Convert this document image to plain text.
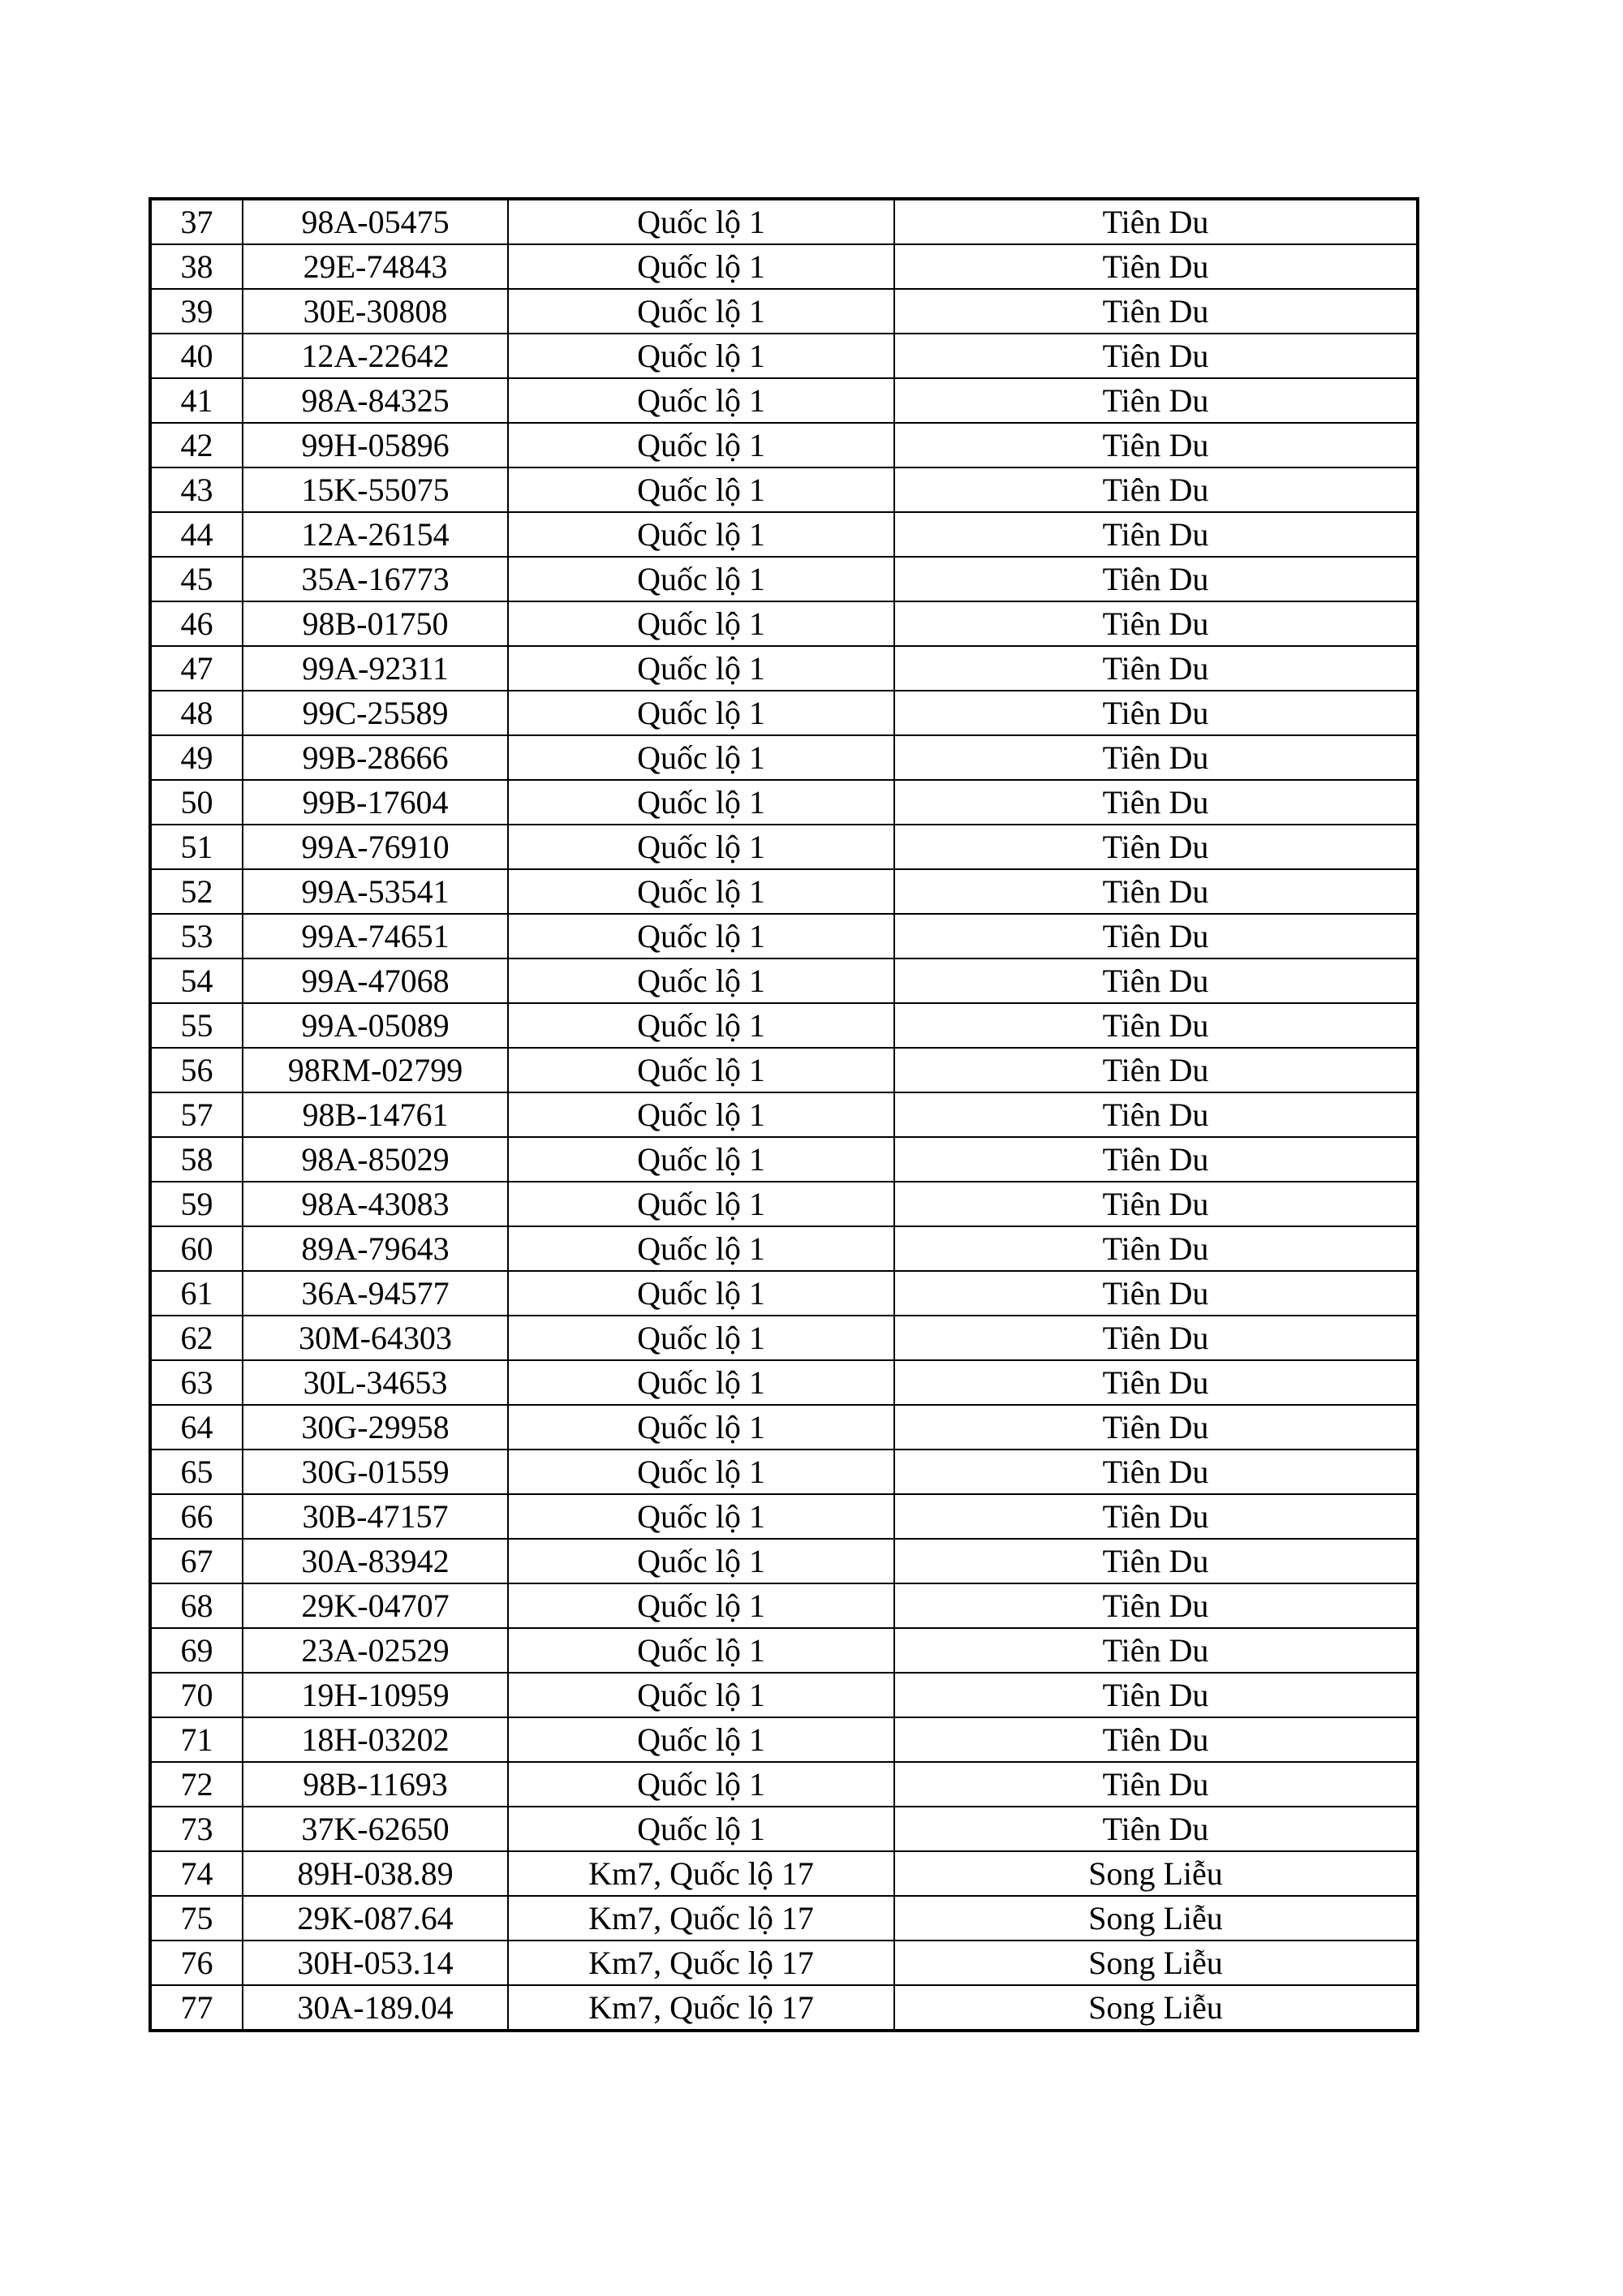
37	98A-05475	Quốc lộ 1	Tiên Du
38	29E-74843	Quốc lộ 1	Tiên Du
39	30E-30808	Quốc lộ 1	Tiên Du
40	12A-22642	Quốc lộ 1	Tiên Du
41	98A-84325	Quốc lộ 1	Tiên Du
42	99H-05896	Quốc lộ 1	Tiên Du
43	15K-55075	Quốc lộ 1	Tiên Du
44	12A-26154	Quốc lộ 1	Tiên Du
45	35A-16773	Quốc lộ 1	Tiên Du
46	98B-01750	Quốc lộ 1	Tiên Du
47	99A-92311	Quốc lộ 1	Tiên Du
48	99C-25589	Quốc lộ 1	Tiên Du
49	99B-28666	Quốc lộ 1	Tiên Du
50	99B-17604	Quốc lộ 1	Tiên Du
51	99A-76910	Quốc lộ 1	Tiên Du
52	99A-53541	Quốc lộ 1	Tiên Du
53	99A-74651	Quốc lộ 1	Tiên Du
54	99A-47068	Quốc lộ 1	Tiên Du
55	99A-05089	Quốc lộ 1	Tiên Du
56	98RM-02799	Quốc lộ 1	Tiên Du
57	98B-14761	Quốc lộ 1	Tiên Du
58	98A-85029	Quốc lộ 1	Tiên Du
59	98A-43083	Quốc lộ 1	Tiên Du
60	89A-79643	Quốc lộ 1	Tiên Du
61	36A-94577	Quốc lộ 1	Tiên Du
62	30M-64303	Quốc lộ 1	Tiên Du
63	30L-34653	Quốc lộ 1	Tiên Du
64	30G-29958	Quốc lộ 1	Tiên Du
65	30G-01559	Quốc lộ 1	Tiên Du
66	30B-47157	Quốc lộ 1	Tiên Du
67	30A-83942	Quốc lộ 1	Tiên Du
68	29K-04707	Quốc lộ 1	Tiên Du
69	23A-02529	Quốc lộ 1	Tiên Du
70	19H-10959	Quốc lộ 1	Tiên Du
71	18H-03202	Quốc lộ 1	Tiên Du
72	98B-11693	Quốc lộ 1	Tiên Du
73	37K-62650	Quốc lộ 1	Tiên Du
74	89H-038.89	Km7, Quốc lộ 17	Song Liễu
75	29K-087.64	Km7, Quốc lộ 17	Song Liễu
76	30H-053.14	Km7, Quốc lộ 17	Song Liễu
77	30A-189.04	Km7, Quốc lộ 17	Song Liễu
